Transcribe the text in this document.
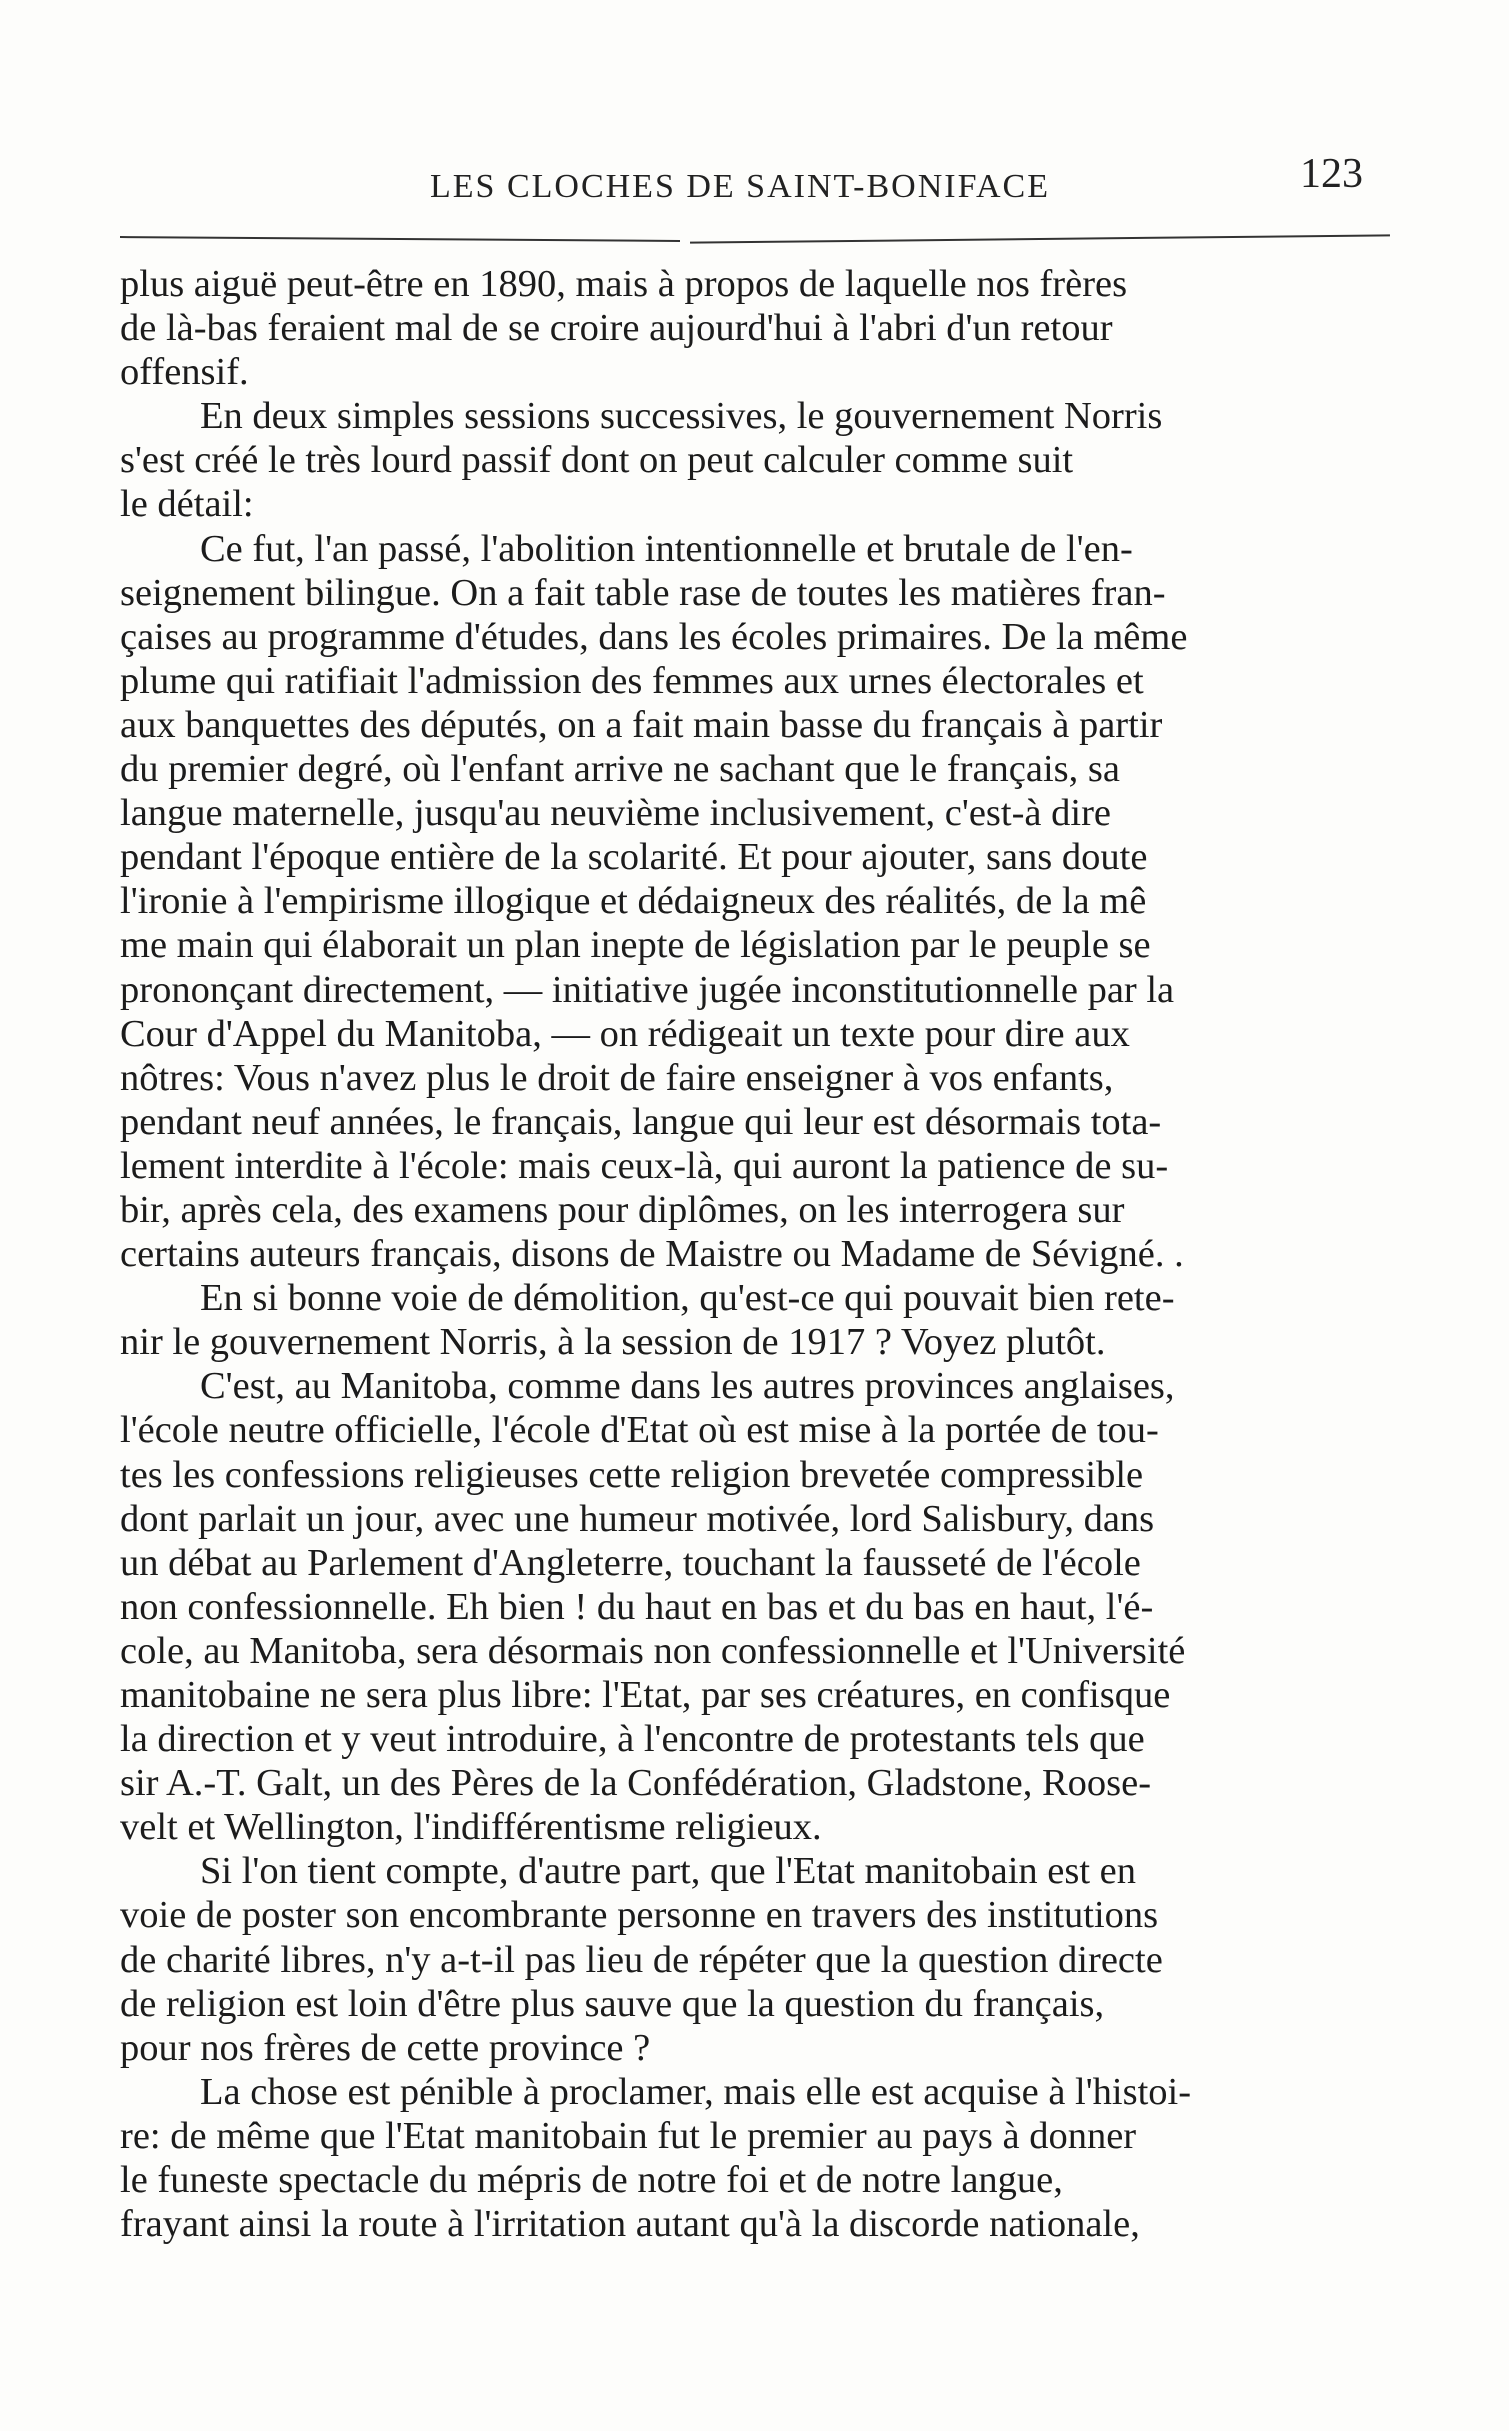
LES CLOCHES DE SAINT-BONIFACE	123
plus aiguë peut-être en 1890, mais à propos de laquelle nos frères
de là-bas feraient mal de se croire aujourd'hui à l'abri d'un retour
offensif.
En deux simples sessions successives, le gouvernement Norris
s'est créé le très lourd passif dont on peut calculer comme suit
le détail:
Ce fut, l'an passé, l'abolition intentionnelle et brutale de l'en-
seignement bilingue. On a fait table rase de toutes les matières fran-
çaises au programme d'études, dans les écoles primaires. De la même
plume qui ratifiait l'admission des femmes aux urnes électorales et
aux banquettes des députés, on a fait main basse du français à partir
du premier degré, où l'enfant arrive ne sachant que le français, sa
langue maternelle, jusqu'au neuvième inclusivement, c'est-à dire
pendant l'époque entière de la scolarité. Et pour ajouter, sans doute
l'ironie à l'empirisme illogique et dédaigneux des réalités, de la mê
me main qui élaborait un plan inepte de législation par le peuple se
prononçant directement, — initiative jugée inconstitutionnelle par la
Cour d'Appel du Manitoba, — on rédigeait un texte pour dire aux
nôtres: Vous n'avez plus le droit de faire enseigner à vos enfants,
pendant neuf années, le français, langue qui leur est désormais tota-
lement interdite à l'école: mais ceux-là, qui auront la patience de su-
bir, après cela, des examens pour diplômes, on les interrogera sur
certains auteurs français, disons de Maistre ou Madame de Sévigné. .
En si bonne voie de démolition, qu'est-ce qui pouvait bien rete-
nir le gouvernement Norris, à la session de 1917 ? Voyez plutôt.
C'est, au Manitoba, comme dans les autres provinces anglaises,
l'école neutre officielle, l'école d'Etat où est mise à la portée de tou-
tes les confessions religieuses cette religion brevetée compressible
dont parlait un jour, avec une humeur motivée, lord Salisbury, dans
un débat au Parlement d'Angleterre, touchant la fausseté de l'école
non confessionnelle. Eh bien ! du haut en bas et du bas en haut, l'é-
cole, au Manitoba, sera désormais non confessionnelle et l'Université
manitobaine ne sera plus libre: l'Etat, par ses créatures, en confisque
la direction et y veut introduire, à l'encontre de protestants tels que
sir A.-T. Galt, un des Pères de la Confédération, Gladstone, Roose-
velt et Wellington, l'indifférentisme religieux.
Si l'on tient compte, d'autre part, que l'Etat manitobain est en
voie de poster son encombrante personne en travers des institutions
de charité libres, n'y a-t-il pas lieu de répéter que la question directe
de religion est loin d'être plus sauve que la question du français,
pour nos frères de cette province ?
La chose est pénible à proclamer, mais elle est acquise à l'histoi-
re: de même que l'Etat manitobain fut le premier au pays à donner
le funeste spectacle du mépris de notre foi et de notre langue,
frayant ainsi la route à l'irritation autant qu'à la discorde nationale,
